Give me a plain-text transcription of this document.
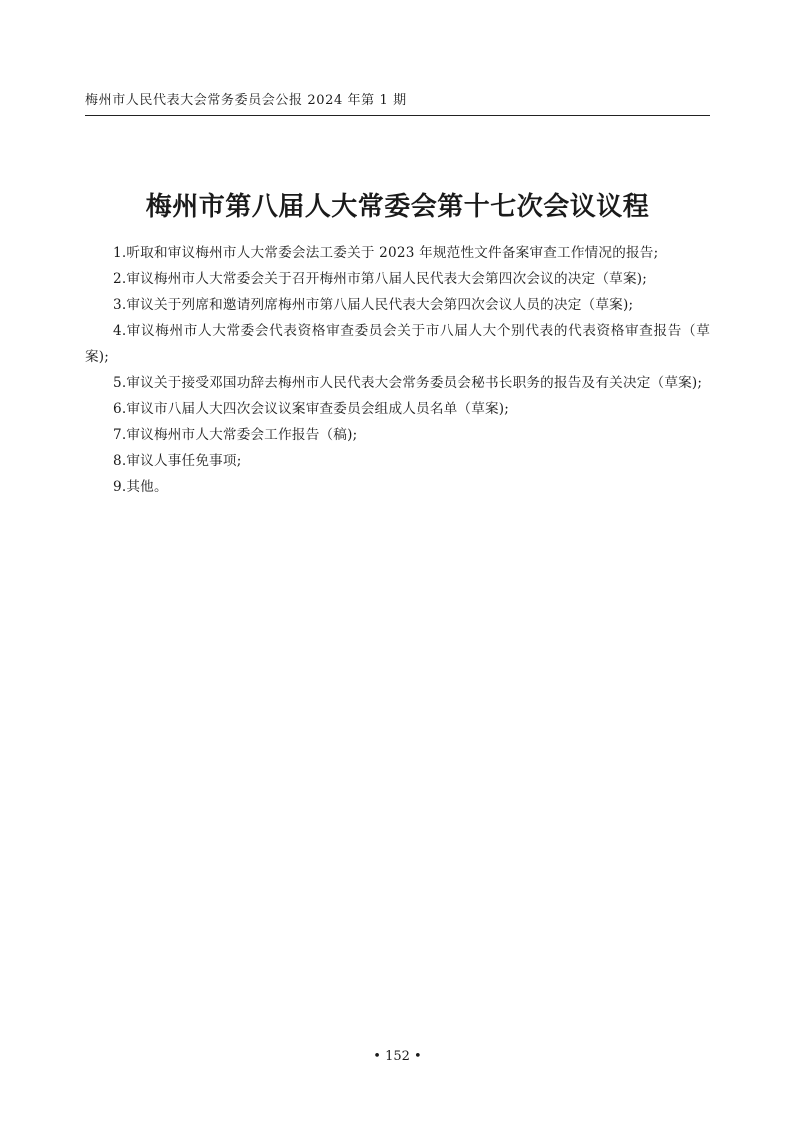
梅州市人民代表大会常务委员会公报 2024 年第 1 期
梅州市第八届人大常委会第十七次会议议程
1.听取和审议梅州市人大常委会法工委关于 2023 年规范性文件备案审查工作情况的报告;
2.审议梅州市人大常委会关于召开梅州市第八届人民代表大会第四次会议的决定（草案);
3.审议关于列席和邀请列席梅州市第八届人民代表大会第四次会议人员的决定（草案);
4.审议梅州市人大常委会代表资格审查委员会关于市八届人大个别代表的代表资格审查报告（草案);
5.审议关于接受邓国功辞去梅州市人民代表大会常务委员会秘书长职务的报告及有关决定（草案);
6.审议市八届人大四次会议议案审查委员会组成人员名单（草案);
7.审议梅州市人大常委会工作报告（稿);
8.审议人事任免事项;
9.其他。
• 152 •
